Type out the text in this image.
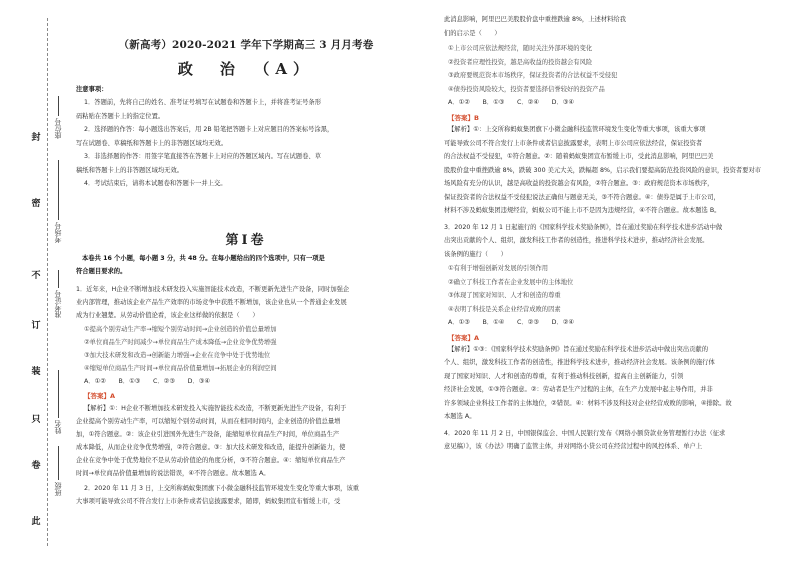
封
密
不
订
装
只
卷
此
座位号
考场号
准考证号
姓名
班级
（新高考）2020-2021 学年下学期高三 3 月月考卷
政　治　（A）
注意事项：
1．答题前，先将自己的姓名、准考证号填写在试题卷和答题卡上，并将准考证号条形
码粘贴在答题卡上的指定位置。
2．选择题的作答：每小题选出答案后，用 2B 铅笔把答题卡上对应题目的答案标号涂黑，
写在试题卷、草稿纸和答题卡上的非答题区域均无效。
3．非选择题的作答：用签字笔直接答在答题卡上对应的答题区域内。写在试题卷、草
稿纸和答题卡上的非答题区域均无效。
4．考试结束后，请将本试题卷和答题卡一并上交。
第Ⅰ卷
本卷共 16 个小题，每小题 3 分，共 48 分。在每小题给出的四个选项中，只有一项是
符合题目要求的。
1．近年来，H企业不断增加技术研发投入实施智能技术改造，不断更新先进生产设备，同时加强企
业内部管理，推动该企业产品生产效率的市场竞争中获胜不断增加，该企业也从一个普通企业发展
成为行业翘楚。从劳动价值论看，该企业这样做的依据是（　　）
①提高个别劳动生产率→缩短个别劳动时间→企业创造的价值总量增加
②单位商品生产时间减少→单位商品生产成本降低→企业竞争优势增强
③加大技术研发和改造→创新能力增强→企业在竞争中处于优势地位
④缩短单位商品生产时间→单位商品价值量增加→拓展企业的利润空间
A．①②　　B．①③　　C．②③　　D．③④
【答案】A
【解析】①：H企业不断增加技术研发投入实施智能技术改造，不断更新先进生产设备，有利于
企业提高个别劳动生产率，可以缩短个别劳动时间，从而在相同时间内，企业创造的价值总量增
加，①符合题意。②：该企业引进国外先进生产设备，能缩短单位商品生产时间，单位商品生产
成本降低，从而企业竞争优势增强，②符合题意。③：加大技术研发和改造，能提升创新能力，使
企业在竞争中处于优势地位不是从劳动价值论的角度分析，③不符合题意。④：缩短单位商品生产
时间→单位商品价值量增加的说法错误，④不符合题意。故本题选 A。
2．2020 年 11 月 3 日，上交所称蚂蚁集团旗下小微金融科技监管环境发生变化等重大事项，该重
大事项可能导致公司不符合发行上市条件或者信息披露要求，随即，蚂蚁集团宣布暂缓上市，受
此消息影响，阿里巴巴美股股价盘中重挫跌逾 8%，上述材料给我
们的启示是（　　）
①上市公司应依法规经营，随时关注外部环境的变化
②投资者应理性投资，越是高收益的投资越会有风险
③政府要规范资本市场秩序，保证投资者的合法权益不受侵犯
④债券投资风险较大，投资者要选择信誉较好的投资产品
A．①②　　B．①③　　C．②④　　D．③④
【答案】B
【解析】①：上交所称蚂蚁集团旗下小微金融科技监管环境发生变化等重大事项，该重大事项
可能导致公司不符合发行上市条件或者信息披露要求，表明上市公司应依法经营，保证投资者
的合法权益不受侵犯，①符合题意。②：随着蚂蚁集团宣布暂缓上市，受此消息影响，阿里巴巴美
股股价盘中重挫跌逾 8%，跌破 300 美元大关，跌幅超 8%，启示我们要提高防范投资风险的意识，投资者要对市
场风险有充分的认识，越是高收益的投资越会有风险，②符合题意。③：政府规范资本市场秩序，
保证投资者的合法权益不受侵犯说法正确但与题意无关，③不符合题意。④：债券是属于上市公司，
材料不涉及蚂蚁集团违规经营，蚂蚁公司不能上市不是因为违规经营，④不符合题意。故本题选 B。
3．2020 年 12 月 1 日起施行的《国家科学技术奖励条例》，旨在通过奖励在科学技术进步活动中做
出突出贡献的个人、组织，激发科技工作者的创造性，推进科学技术进步，推动经济社会发展。
该条例的施行（　　）
①有利于增强创新对发展的引领作用
②确立了科技工作者在企业发展中的主体地位
③体现了国家对知识、人才和创造的尊重
④表明了科技是关系企业经营成败的因素
A．①③　　B．①④　　C．②③　　D．②④
【答案】A
【解析】①③：《国家科学技术奖励条例》旨在通过奖励在科学技术进步活动中做出突出贡献的
个人、组织，激发科技工作者的创造性，推进科学技术进步，推动经济社会发展。该条例的施行体
现了国家对知识、人才和创造的尊重，有利于推动科技创新，提高自主创新能力，引领
经济社会发展，①③符合题意。②：劳动者是生产过程的主体，在生产力发展中起主导作用，并非
许多领域企业科技工作者的主体地位，②错误。④：材料不涉及科技对企业经营成败的影响，④排除。故
本题选 A。
4．2020 年 11 月 2 日，中国银保监会、中国人民银行发布《网络小额贷款业务管理暂行办法（征求
意见稿）》，该《办法》明确了监管主体，并对网络小贷公司在经营过程中的风控体系、单户上
